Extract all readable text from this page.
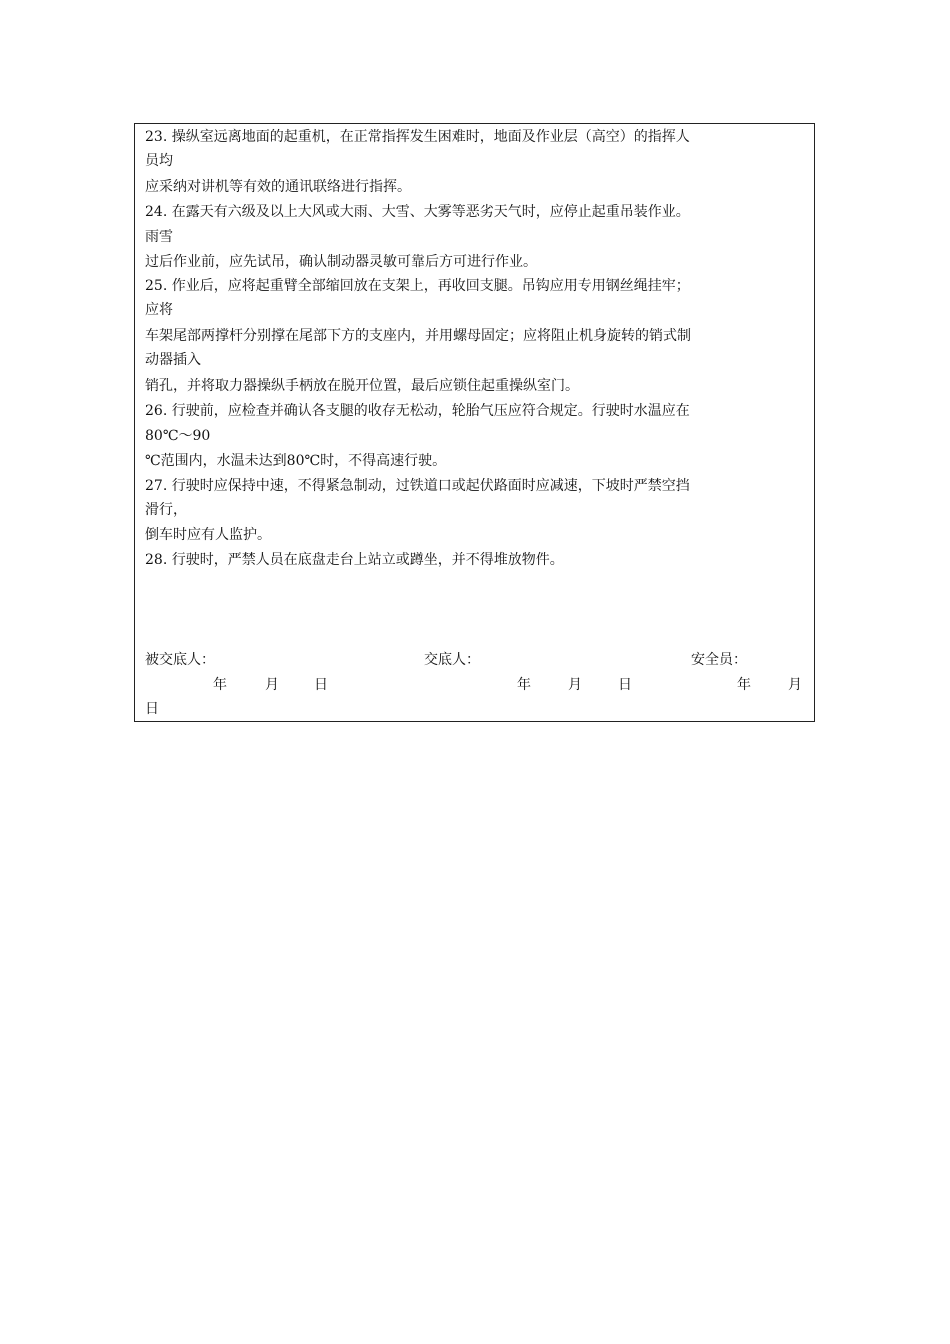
23. 操纵室远离地面的起重机，在正常指挥发生困难时，地面及作业层（高空）的指挥人
员均
应采纳对讲机等有效的通讯联络进行指挥。
24. 在露天有六级及以上大风或大雨、大雪、大雾等恶劣天气时，应停止起重吊装作业。
雨雪
过后作业前，应先试吊，确认制动器灵敏可靠后方可进行作业。
25. 作业后，应将起重臂全部缩回放在支架上，再收回支腿。吊钩应用专用钢丝绳挂牢；
应将
车架尾部两撑杆分别撑在尾部下方的支座内，并用螺母固定；应将阻止机身旋转的销式制
动器插入
销孔，并将取力器操纵手柄放在脱开位置，最后应锁住起重操纵室门。
26. 行驶前，应检查并确认各支腿的收存无松动，轮胎气压应符合规定。行驶时水温应在
80℃～90
℃范围内，水温未达到80℃时，不得高速行驶。
27. 行驶时应保持中速，不得紧急制动，过铁道口或起伏路面时应减速，下坡时严禁空挡
滑行，
倒车时应有人监护。
28. 行驶时，严禁人员在底盘走台上站立或蹲坐，并不得堆放物件。
被交底人：	交底人：	安全员：
年	月	日	年	月	日	年	月
日
